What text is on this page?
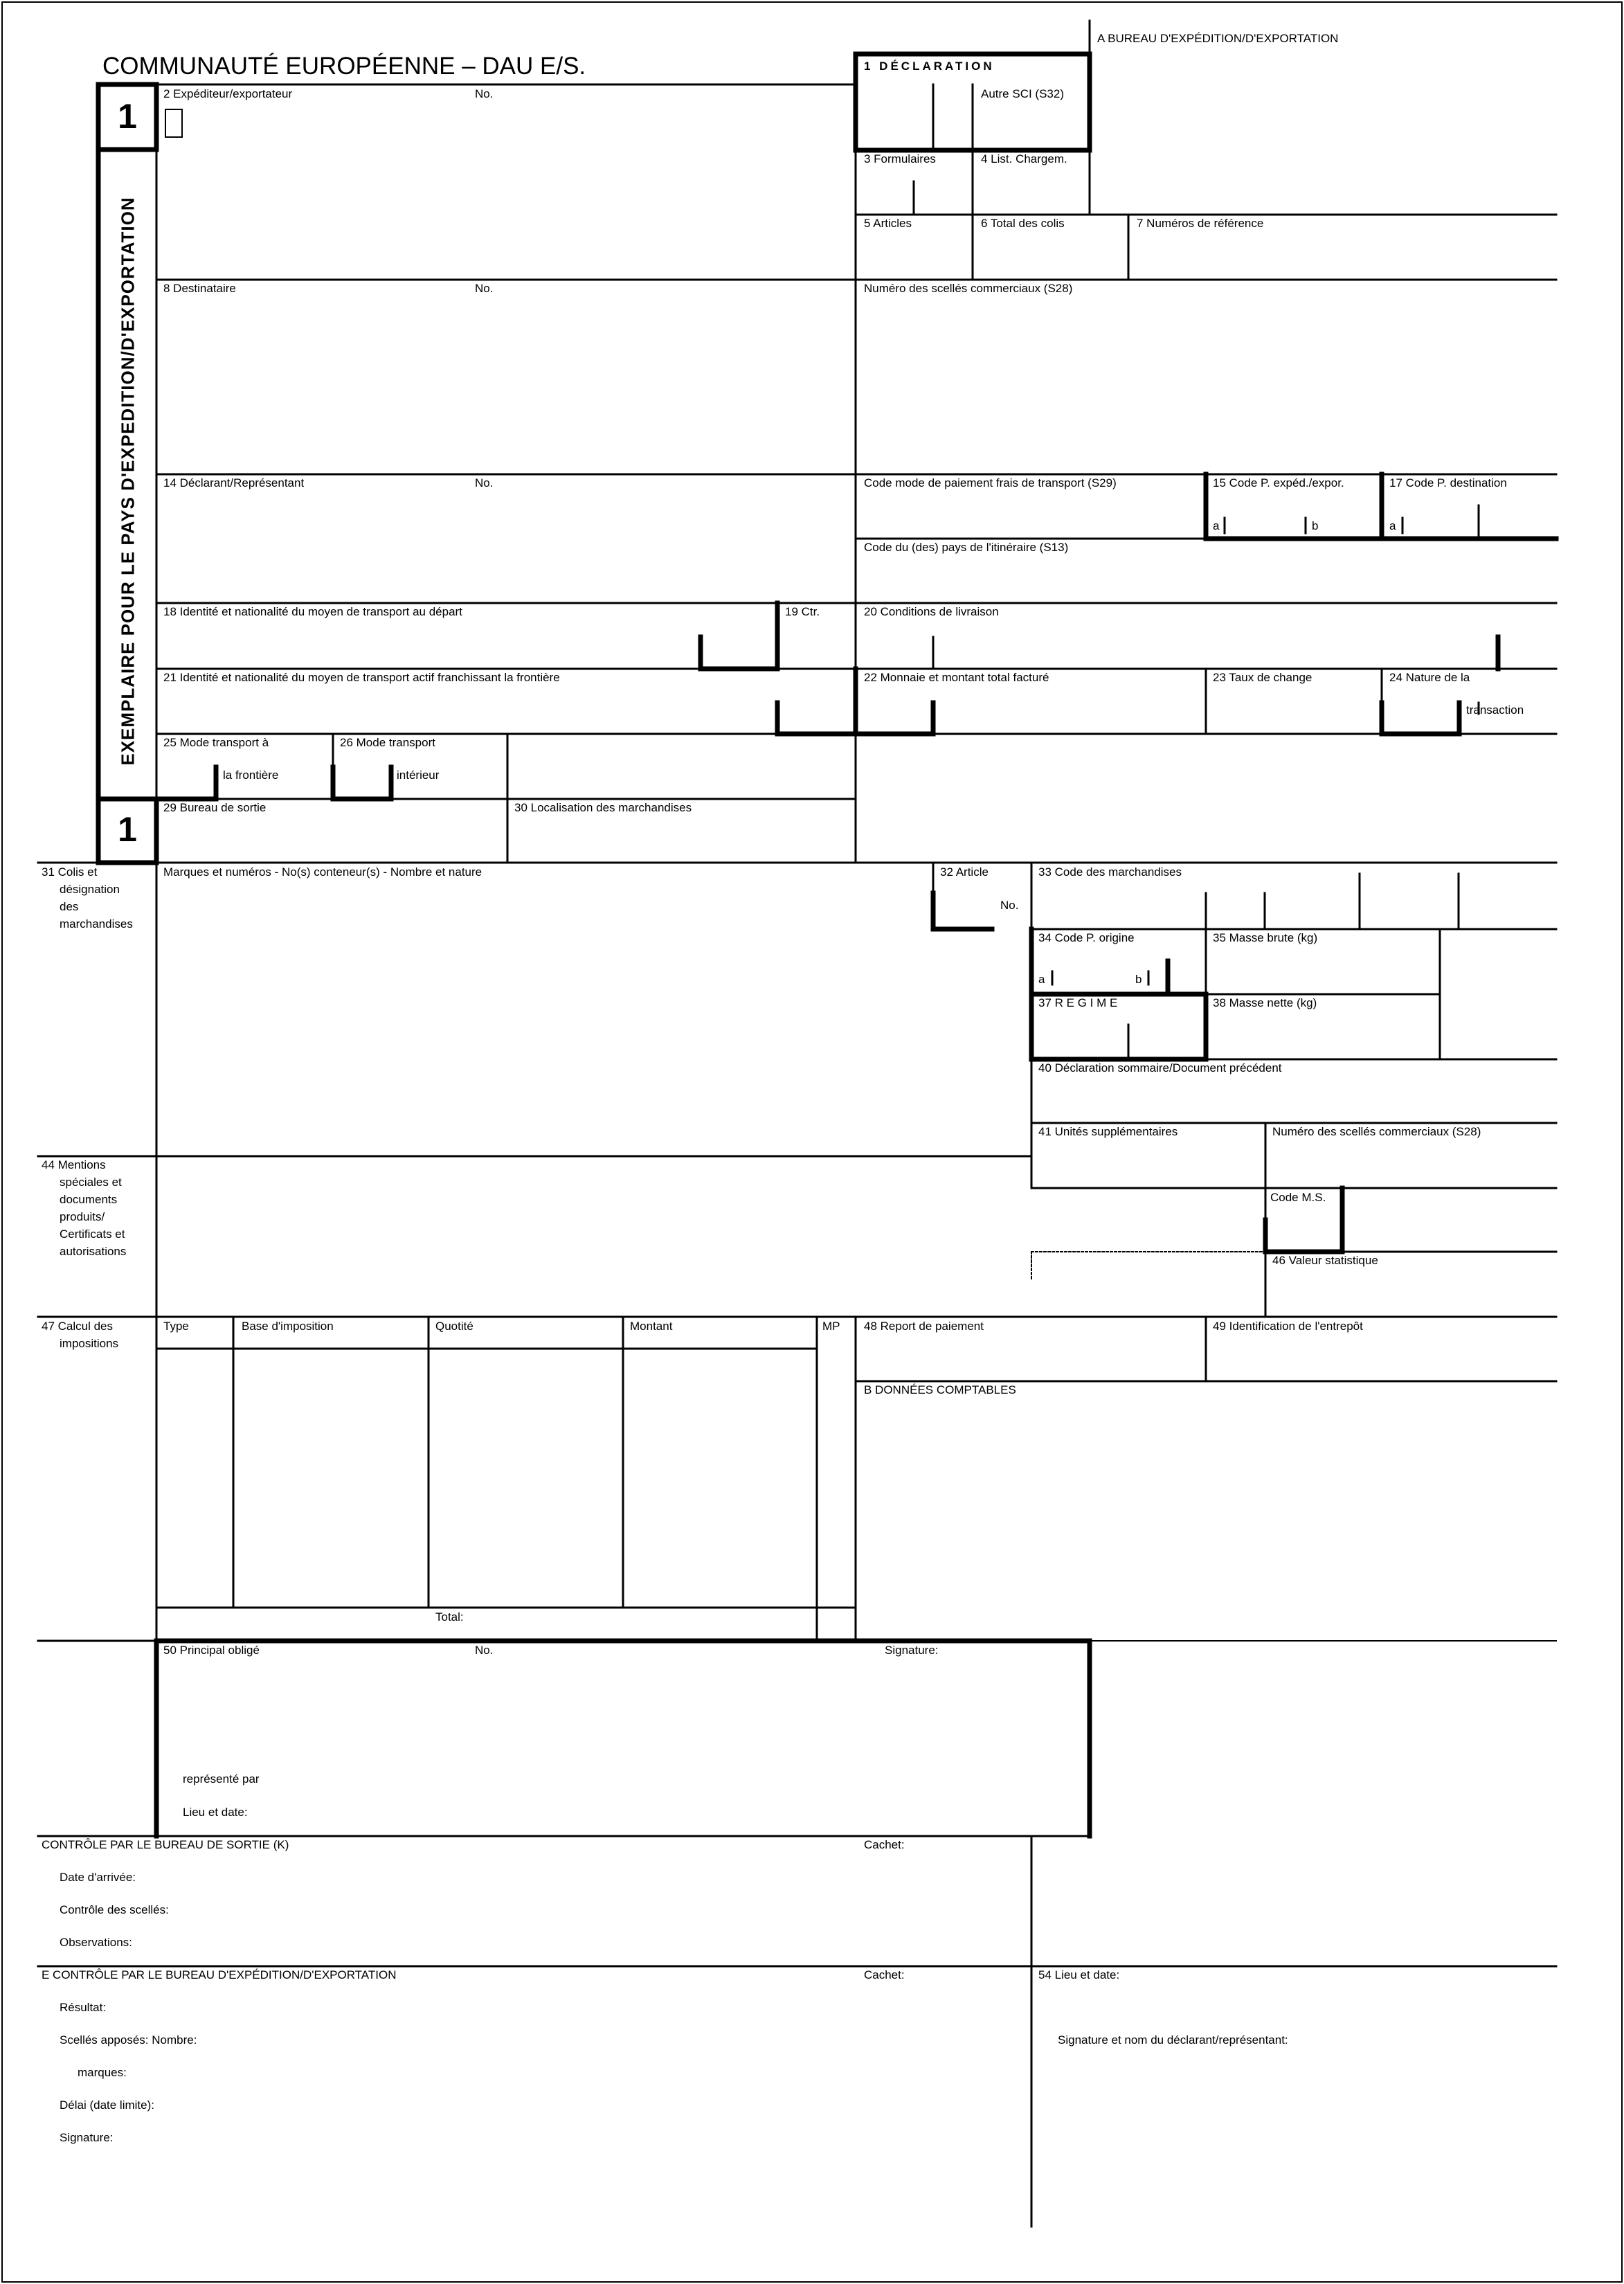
COMMUNAUTÉ EUROPÉENNE – DAU E/S.
A BUREAU D'EXPÉDITION/D'EXPORTATION
1
1
EXEMPLAIRE POUR LE PAYS D'EXPEDITION/D'EXPORTATION
1 DÉCLARATION
Autre SCI (S32)
2 Expéditeur/exportateur	No.
3 Formulaires	4 List. Chargem.
5 Articles	6 Total des colis	7 Numéros de référence
8 Destinataire	No.	Numéro des scellés commerciaux (S28)
14 Déclarant/Représentant	No.	Code mode de paiement frais de transport (S29)	15 Code P. expéd./expor.
a	b
17 Code P. destination
a
Code du (des) pays de l'itinéraire (S13)
18 Identité et nationalité du moyen de transport au départ	19 Ctr.	20 Conditions de livraison
21 Identité et nationalité du moyen de transport actif franchissant la frontière	22 Monnaie et montant total facturé	23 Taux de change	24 Nature de la
transaction
25 Mode transport à
la frontière
26 Mode transport
intérieur
29 Bureau de sortie	30 Localisation des marchandises
31 Colis et
désignation
des
marchandises
Marques et numéros - No(s) conteneur(s) - Nombre et nature	32 Article
No.
33 Code des marchandises
34 Code P. origine
a	b
35 Masse brute (kg)
37 R E G I M E	38 Masse nette (kg)
40 Déclaration sommaire/Document précédent
41 Unités supplémentaires	Numéro des scellés commerciaux (S28)
44 Mentions
spéciales et
documents
produits/
Certificats et
autorisations
Code M.S.
46 Valeur statistique
47 Calcul des
impositions
Type	Base d'imposition	Quotité	Montant	MP
Total:
48 Report de paiement	49 Identification de l'entrepôt
B DONNÉES COMPTABLES
50 Principal obligé	No.	Signature:
représenté par
Lieu et date:
CONTRÔLE PAR LE BUREAU DE SORTIE (K)	Cachet:
Date d'arrivée:
Contrôle des scellés:
Observations:
E CONTRÔLE PAR LE BUREAU D'EXPÉDITION/D'EXPORTATION	Cachet:	54 Lieu et date:
Résultat:
Scellés apposés: Nombre:	Signature et nom du déclarant/représentant:
marques:
Délai (date limite):
Signature:
